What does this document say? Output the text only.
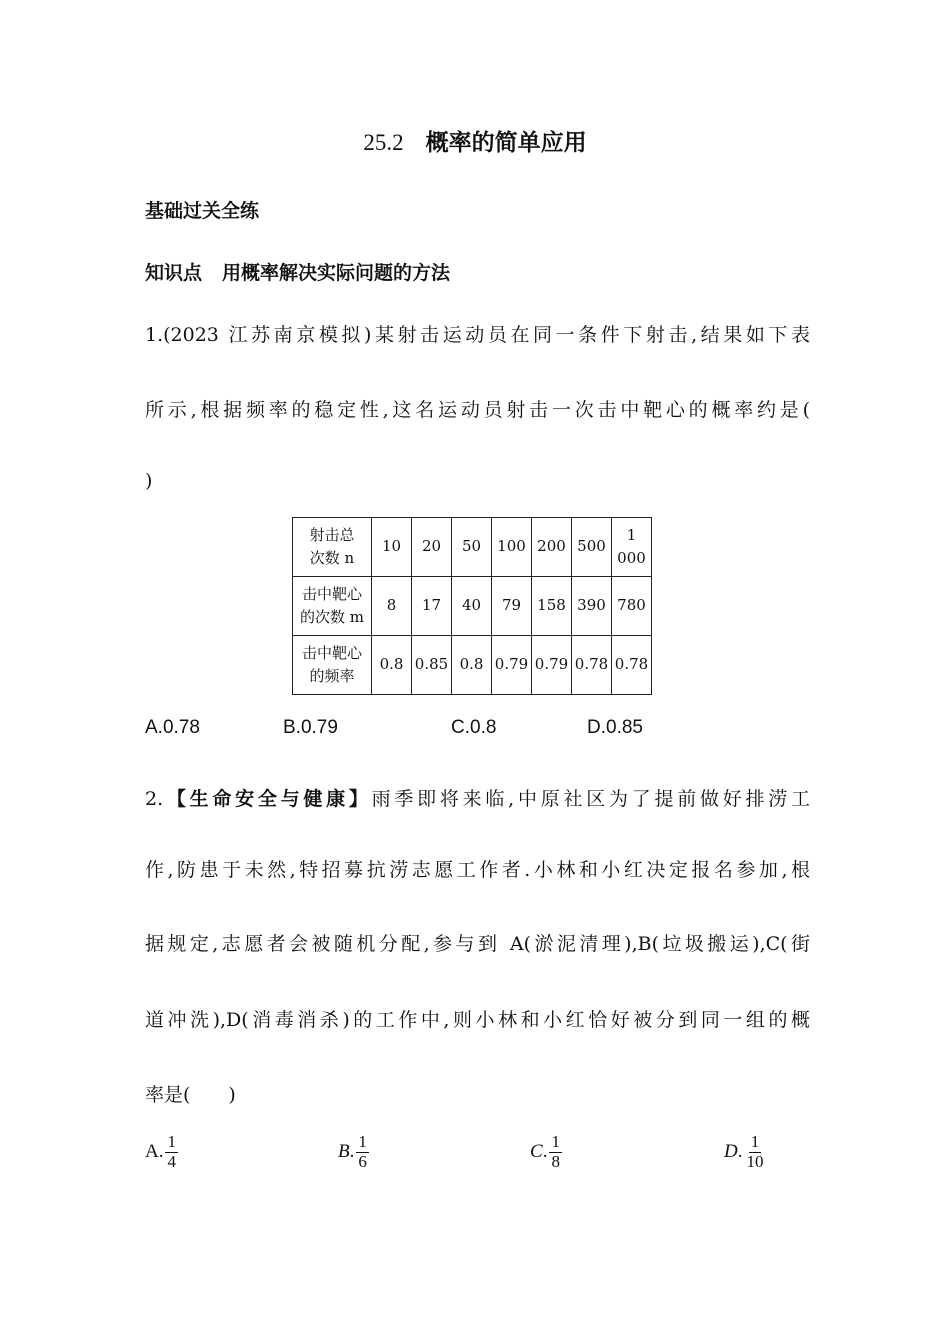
25.2 概率的简单应用
基础过关全练
知识点 用概率解决实际问题的方法
1.(2023 江苏南京模拟)某射击运动员在同一条件下射击,结果如下表
所示,根据频率的稳定性,这名运动员射击一次击中靶心的概率约是(
)
射击总
次数 n	10	20	50	100	200	500	1
000
击中靶心
的次数 m	8	17	40	79	158	390	780
击中靶心
的频率	0.8	0.85	0.8	0.79	0.79	0.78	0.78
A.0.78	B.0.79	C.0.8	D.0.85
2.【生命安全与健康】雨季即将来临,中原社区为了提前做好排涝工
作,防患于未然,特招募抗涝志愿工作者.小林和小红决定报名参加,根
据规定,志愿者会被随机分配,参与到 A(淤泥清理),B(垃圾搬运),C(街
道冲洗),D(消毒消杀)的工作中,则小林和小红恰好被分到同一组的概
率是(　　)
A. $\frac{1}{4}$	B . $\frac{1}{6}$	C . $\frac{1}{8}$	D . $\frac{1}{10}$
